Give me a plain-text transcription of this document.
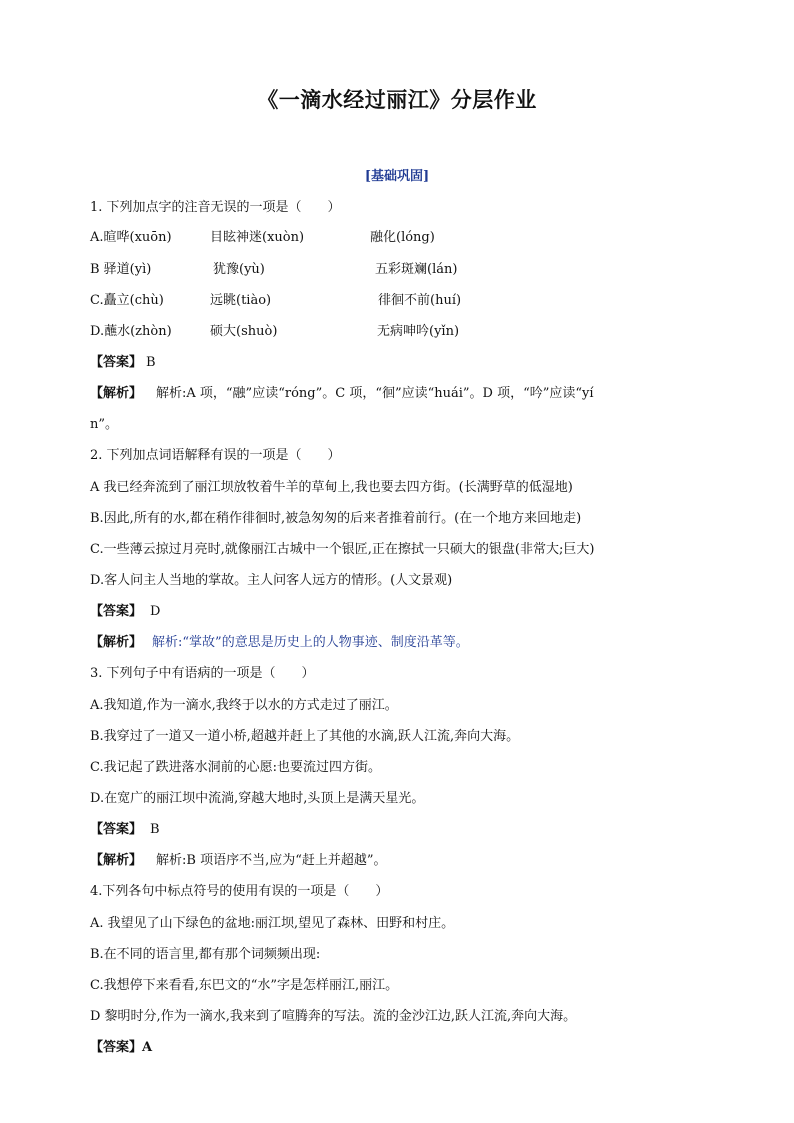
《一滴水经过丽江》分层作业
[基础巩固]
1. 下列加点字的注音无误的一项是（　　）
A.暄哗(xuōn)	目眩神迷(xuòn)	融化(lóng)
B 驿道(yì)	犹豫(yù)	五彩斑斓(lán)
C.矗立(chù)	远眺(tiào)	徘徊不前(huí)
D.蘸水(zhòn)	硕大(shuò)	无病呻吟(yǐn)
【答案】 B
【解析】 解析:A 项，“融”应读“róng”。C 项，“徊”应读“huái”。D 项，“吟”应读“yí
n”。
2. 下列加点词语解释有误的一项是（　　）
A 我已经奔流到了丽江坝放牧着牛羊的草甸上,我也要去四方街。(长满野草的低湿地)
B.因此,所有的水,都在稍作徘徊时,被急匆匆的后来者推着前行。(在一个地方来回地走)
C.一些薄云掠过月亮时,就像丽江古城中一个银匠,正在擦拭一只硕大的银盘(非常大;巨大)
D.客人问主人当地的掌故。主人问客人远方的情形。(人文景观)
【答案】 D
【解析】 解析:“掌故”的意思是历史上的人物事迹、制度沿革等。
3. 下列句子中有语病的一项是（　　）
A.我知道,作为一滴水,我终于以水的方式走过了丽江。
B.我穿过了一道又一道小桥,超越并赶上了其他的水滴,跃人江流,奔向大海。
C.我记起了跌进落水洞前的心愿:也要流过四方街。
D.在宽广的丽江坝中流淌,穿越大地时,头顶上是满天星光。
【答案】 B
【解析】 解析:B 项语序不当,应为“赶上并超越”。
4.下列各句中标点符号的使用有误的一项是（　　）
A. 我望见了山下绿色的盆地:丽江坝,望见了森林、田野和村庄。
B.在不同的语言里,都有那个词频频出现:
C.我想停下来看看,东巴文的“水”字是怎样丽江,丽江。
D 黎明时分,作为一滴水,我来到了喧腾奔的写法。流的金沙江边,跃人江流,奔向大海。
【答案】A
